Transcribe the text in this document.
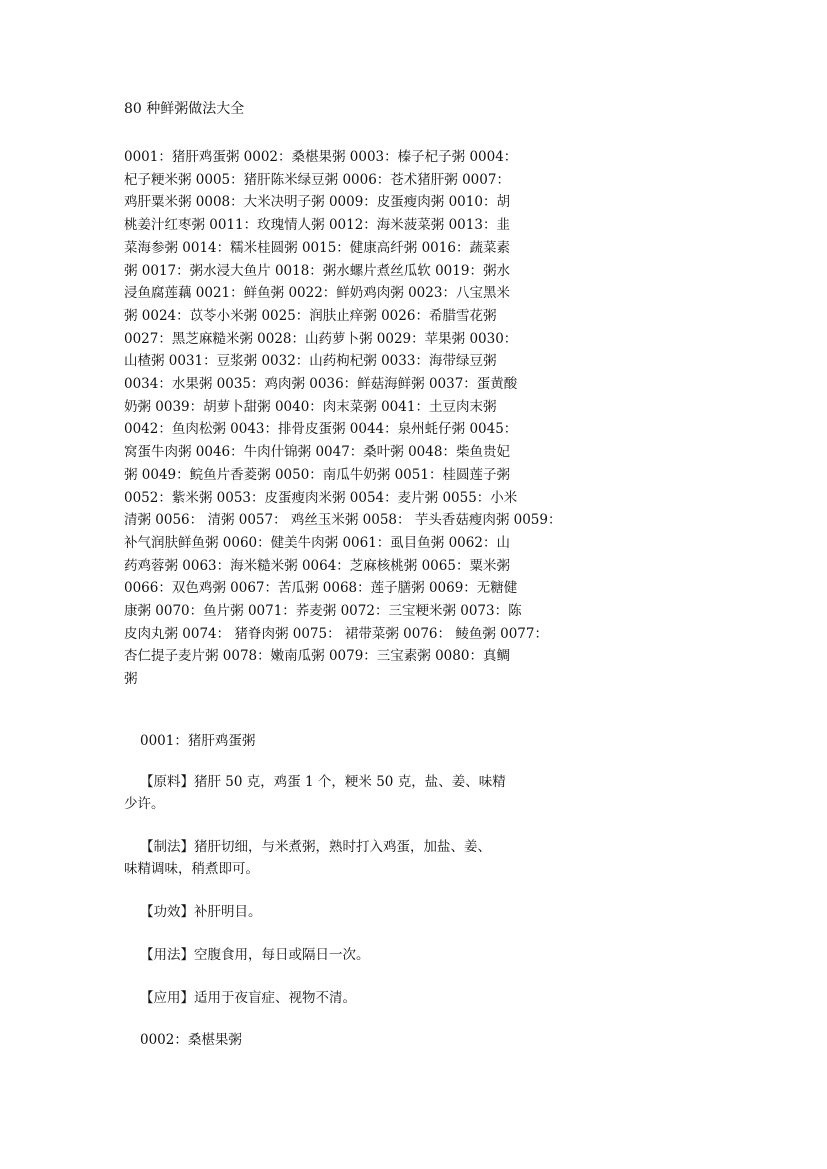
80 种鲜粥做法大全
0001：猪肝鸡蛋粥 0002：桑椹果粥 0003：榛子杞子粥 0004：
杞子粳米粥 0005：猪肝陈米绿豆粥 0006：苍术猪肝粥 0007：
鸡肝粟米粥 0008：大米决明子粥 0009：皮蛋瘦肉粥 0010：胡
桃姜汁红枣粥 0011：玫瑰情人粥 0012：海米菠菜粥 0013：韭
菜海参粥 0014：糯米桂圆粥 0015：健康高纤粥 0016：蔬菜素
粥 0017：粥水浸大鱼片 0018：粥水螺片煮丝瓜软 0019：粥水
浸鱼腐莲藕 0021：鲜鱼粥 0022：鲜奶鸡肉粥 0023：八宝黑米
粥 0024：苡苓小米粥 0025：润肤止痒粥 0026：希腊雪花粥
0027：黑芝麻糙米粥 0028：山药萝卜粥 0029：苹果粥 0030：
山楂粥 0031：豆浆粥 0032：山药枸杞粥 0033：海带绿豆粥
0034：水果粥 0035：鸡肉粥 0036：鲜菇海鲜粥 0037：蛋黄酸
奶粥 0039：胡萝卜甜粥 0040：肉末菜粥 0041：土豆肉末粥
0042：鱼肉松粥 0043：排骨皮蛋粥 0044：泉州蚝仔粥 0045：
窝蛋牛肉粥 0046：牛肉什锦粥 0047：桑叶粥 0048：柴鱼贵妃
粥 0049：鲩鱼片香菱粥 0050：南瓜牛奶粥 0051：桂圆莲子粥
0052：紫米粥 0053：皮蛋瘦肉米粥 0054：麦片粥 0055：小米
清粥 0056： 清粥 0057： 鸡丝玉米粥 0058： 芋头香菇瘦肉粥 0059：
补气润肤鲜鱼粥 0060：健美牛肉粥 0061：虱目鱼粥 0062：山
药鸡蓉粥 0063：海米糙米粥 0064：芝麻核桃粥 0065：粟米粥
0066：双色鸡粥 0067：苦瓜粥 0068：莲子膳粥 0069：无糖健
康粥 0070：鱼片粥 0071：荞麦粥 0072：三宝粳米粥 0073：陈
皮肉丸粥 0074： 猪脊肉粥 0075： 裙带菜粥 0076： 鲮鱼粥 0077：
杏仁提子麦片粥 0078：嫩南瓜粥 0079：三宝素粥 0080：真鲷
粥
0001：猪肝鸡蛋粥
【原料】猪肝 50 克，鸡蛋 1 个，粳米 50 克，盐、姜、味精
少许。
【制法】猪肝切细，与米煮粥，熟时打入鸡蛋，加盐、姜、
味精调味，稍煮即可。
【功效】补肝明目。
【用法】空腹食用，每日或隔日一次。
【应用】适用于夜盲症、视物不清。
0002：桑椹果粥
